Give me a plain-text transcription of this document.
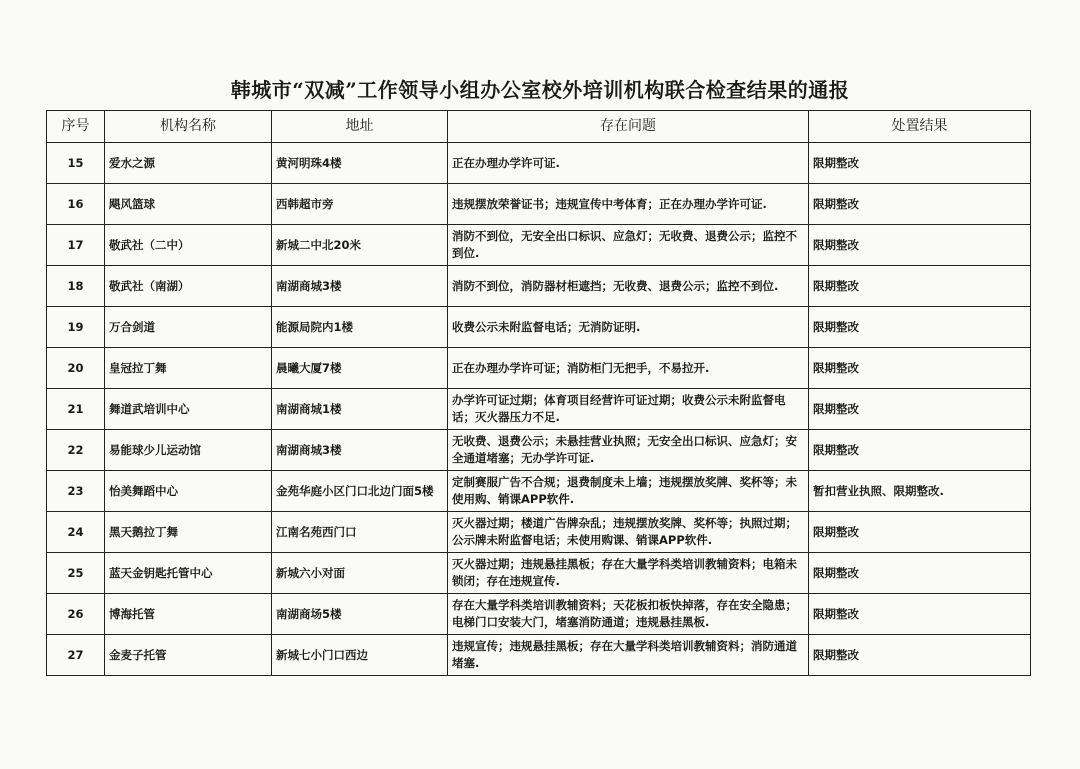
韩城市“双减”工作领导小组办公室校外培训机构联合检查结果的通报
序号	机构名称	地址	存在问题	处置结果
15	爱水之源	黄河明珠4楼	正在办理办学许可证.	限期整改
16	飓风篮球	西韩超市旁	违规摆放荣誉证书；违规宣传中考体育；正在办理办学许可证.	限期整改
17	敬武社（二中）	新城二中北20米	消防不到位，无安全出口标识、应急灯；无收费、退费公示；监控不到位.	限期整改
18	敬武社（南湖）	南湖商城3楼	消防不到位，消防器材柜遮挡；无收费、退费公示；监控不到位.	限期整改
19	万合剑道	能源局院内1楼	收费公示未附监督电话；无消防证明.	限期整改
20	皇冠拉丁舞	晨曦大厦7楼	正在办理办学许可证；消防柜门无把手，不易拉开.	限期整改
21	舞道武培训中心	南湖商城1楼	办学许可证过期；体育项目经营许可证过期；收费公示未附监督电话；灭火器压力不足.	限期整改
22	易能球少儿运动馆	南湖商城3楼	无收费、退费公示；未悬挂营业执照；无安全出口标识、应急灯；安全通道堵塞；无办学许可证.	限期整改
23	怡美舞蹈中心	金苑华庭小区门口北边门面5楼	定制赛服广告不合规；退费制度未上墙；违规摆放奖牌、奖杯等；未使用购、销课APP软件.	暂扣营业执照、限期整改.
24	黑天鹅拉丁舞	江南名苑西门口	灭火器过期；楼道广告牌杂乱；违规摆放奖牌、奖杯等；执照过期；公示牌未附监督电话；未使用购课、销课APP软件.	限期整改
25	蓝天金钥匙托管中心	新城六小对面	灭火器过期；违规悬挂黑板；存在大量学科类培训教辅资料；电箱未锁闭；存在违规宣传.	限期整改
26	博海托管	南湖商场5楼	存在大量学科类培训教辅资料；天花板扣板快掉落，存在安全隐患；电梯门口安装大门，堵塞消防通道；违规悬挂黑板.	限期整改
27	金麦子托管	新城七小门口西边	违规宣传；违规悬挂黑板；存在大量学科类培训教辅资料；消防通道堵塞.	限期整改
